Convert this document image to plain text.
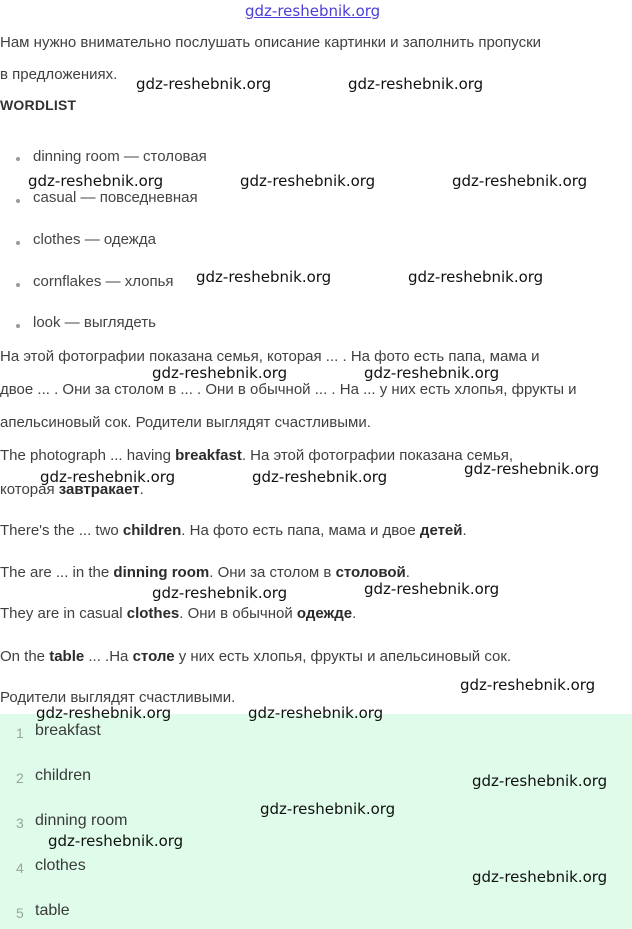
gdz-reshebnik.org
Нам нужно внимательно послушать описание картинки и заполнить пропуски
в предложениях.
WORDLIST
dinning room — столовая
casual — повседневная
clothes — одежда
cornflakes — хлопья
look — выглядеть
На этой фотографии показана семья, которая ... . На фото есть папа, мама и
двое ... . Они за столом в ... . Они в обычной ... . На ... у них есть хлопья, фрукты и
апельсиновый сок. Родители выглядят счастливыми.
The photograph ... having breakfast. На этой фотографии показана семья,
которая завтракает.
There's the ... two children. На фото есть папа, мама и двое детей.
The are ... in the dinning room. Они за столом в столовой.
They are in casual clothes. Они в обычной одежде.
On the table ... .На столе у них есть хлопья, фрукты и апельсиновый сок.
Родители выглядят счастливыми.
1 breakfast
2 children
3 dinning room
4 clothes
5 table
gdz-reshebnik.org	gdz-reshebnik.org
gdz-reshebnik.org	gdz-reshebnik.org	gdz-reshebnik.org
gdz-reshebnik.org	gdz-reshebnik.org
gdz-reshebnik.org	gdz-reshebnik.org
gdz-reshebnik.org	gdz-reshebnik.org	gdz-reshebnik.org
gdz-reshebnik.org	gdz-reshebnik.org
gdz-reshebnik.org
gdz-reshebnik.org	gdz-reshebnik.org
gdz-reshebnik.org
gdz-reshebnik.org
gdz-reshebnik.org
gdz-reshebnik.org
